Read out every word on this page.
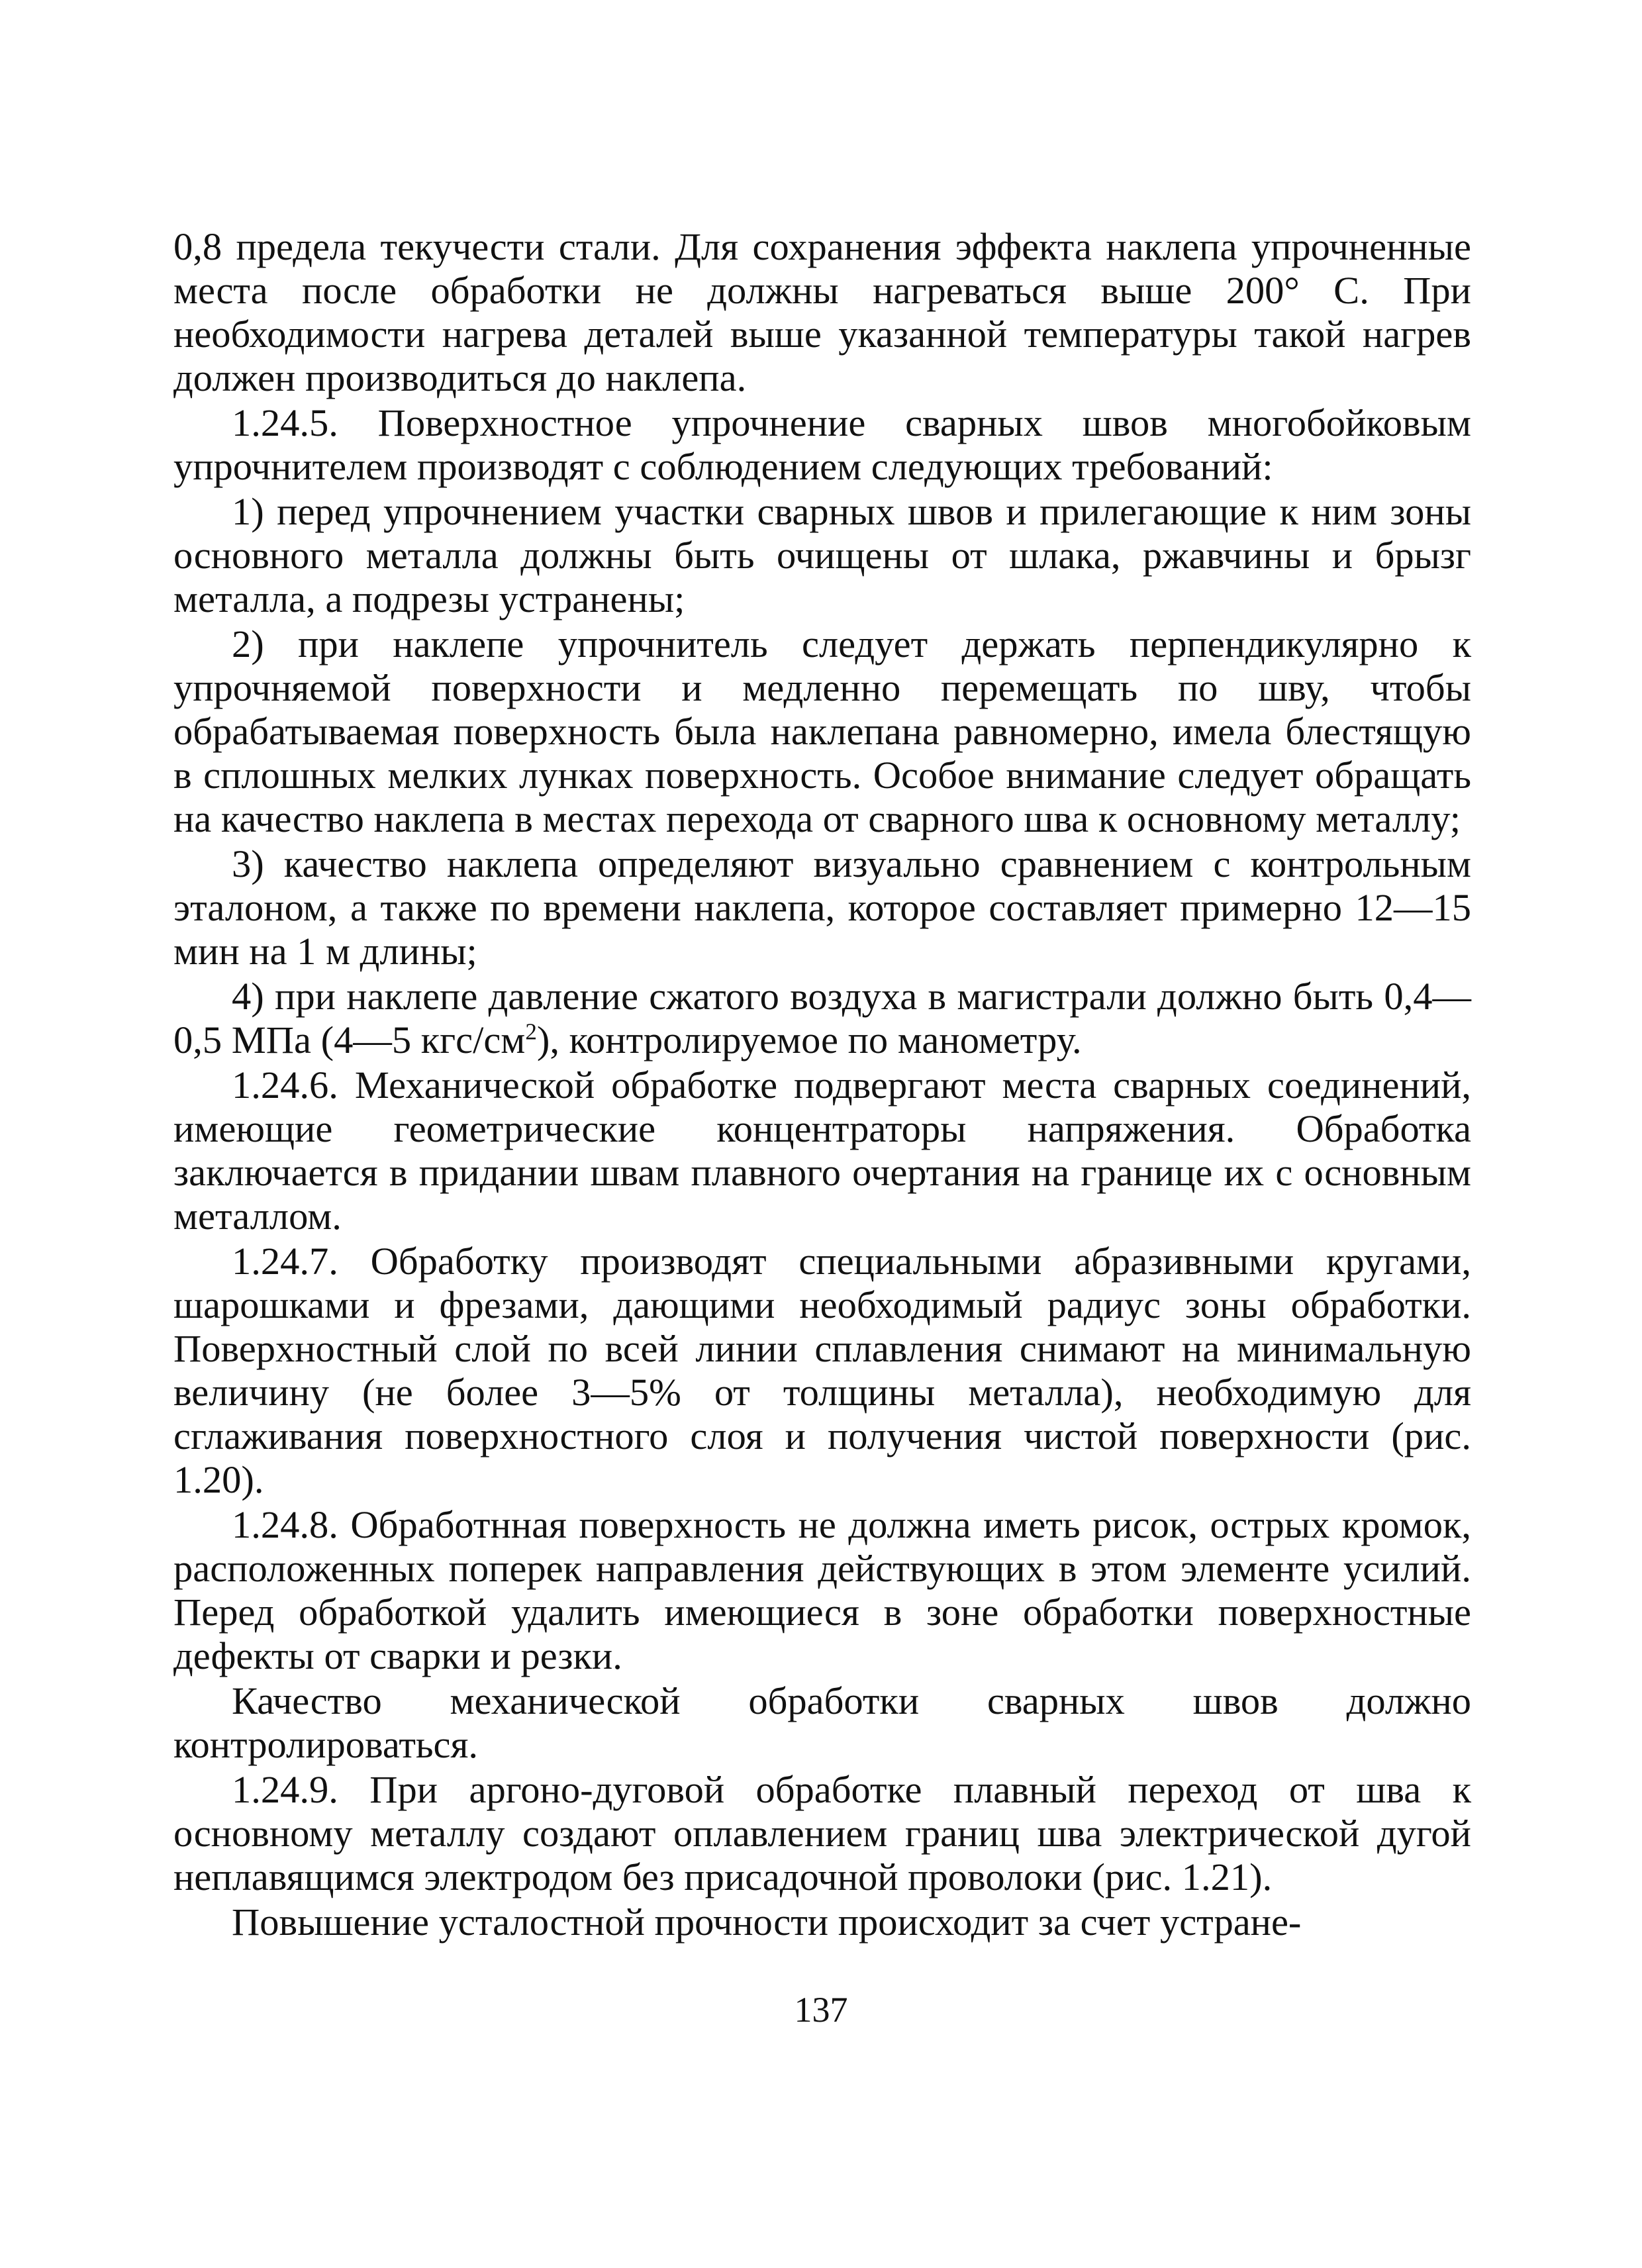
0,8 предела текучести стали. Для сохранения эффекта наклепа упрочненные места после обработки не должны нагреваться выше 200° С. При необходимости нагрева деталей выше указанной температуры такой нагрев должен производиться до наклепа.

1.24.5. Поверхностное упрочнение сварных швов многобойковым упрочнителем производят с соблюдением следующих требований:

1) перед упрочнением участки сварных швов и прилегающие к ним зоны основного металла должны быть очищены от шлака, ржавчины и брызг металла, а подрезы устранены;

2) при наклепе упрочнитель следует держать перпендикулярно к упрочняемой поверхности и медленно перемещать по шву, чтобы обрабатываемая поверхность была наклепана равномерно, имела блестящую в сплошных мелких лунках поверхность. Особое внимание следует обращать на качество наклепа в местах перехода от сварного шва к основному металлу;

3) качество наклепа определяют визуально сравнением с контрольным эталоном, а также по времени наклепа, которое составляет примерно 12—15 мин на 1 м длины;

4) при наклепе давление сжатого воздуха в магистрали должно быть 0,4—0,5 МПа (4—5 кгс/$см^2$), контролируемое по манометру.

1.24.6. Механической обработке подвергают места сварных соединений, имеющие геометрические концентраторы напряжения. Обработка заключается в придании швам плавного очертания на границе их с основным металлом.

1.24.7. Обработку производят специальными абразивными кругами, шарошками и фрезами, дающими необходимый радиус зоны обработки. Поверхностный слой по всей линии сплавления снимают на минимальную величину (не более 3—5% от толщины металла), необходимую для сглаживания поверхностного слоя и получения чистой поверхности (рис. 1.20).

1.24.8. Обработнная поверхность не должна иметь рисок, острых кромок, расположенных поперек направления действующих в этом элементе усилий. Перед обработкой удалить имеющиеся в зоне обработки поверхностные дефекты от сварки и резки.

Качество механической обработки сварных швов должно контролироваться.

1.24.9. При аргоно-дуговой обработке плавный переход от шва к основному металлу создают оплавлением границ шва электрической дугой неплавящимся электродом без присадочной проволоки (рис. 1.21).

Повышение усталостной прочности происходит за счет устране-

137
